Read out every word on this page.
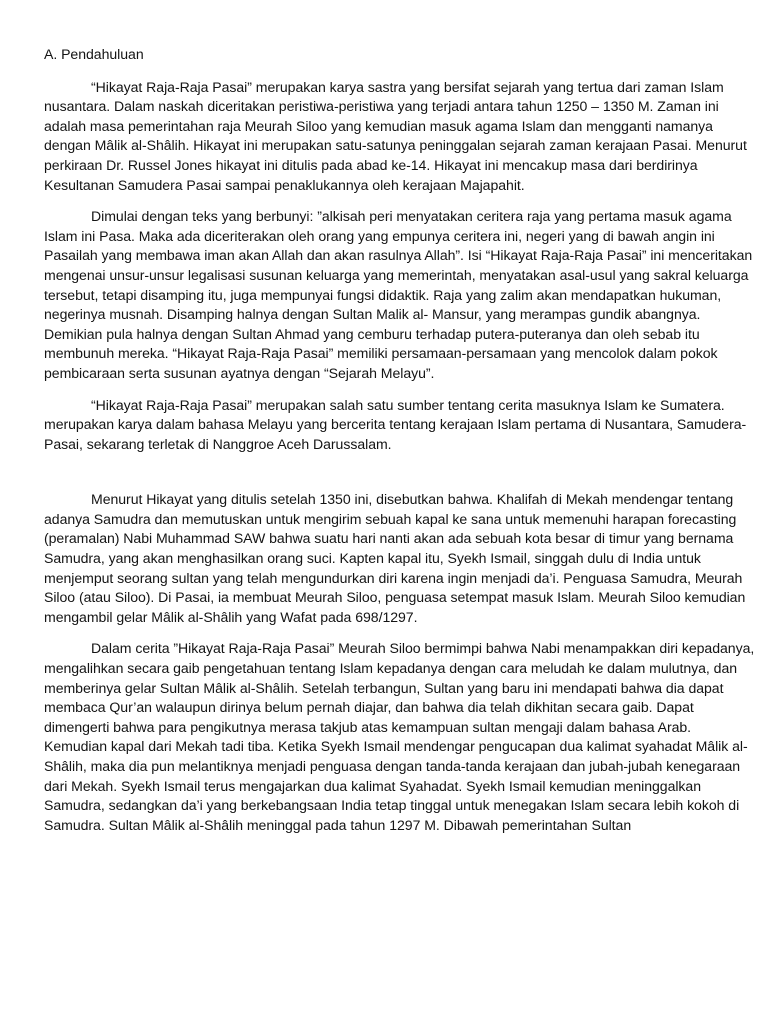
A. Pendahuluan

“Hikayat Raja-Raja Pasai” merupakan karya sastra yang bersifat sejarah yang tertua dari zaman Islam nusantara. Dalam naskah diceritakan peristiwa-peristiwa yang terjadi antara tahun 1250 – 1350 M. Zaman ini adalah masa pemerintahan raja Meurah Siloo yang kemudian masuk agama Islam dan mengganti namanya dengan Mâlik al-Shâlih. Hikayat ini merupakan satu-satunya peninggalan sejarah zaman kerajaan Pasai. Menurut perkiraan Dr. Russel Jones hikayat ini ditulis pada abad ke-14. Hikayat ini mencakup masa dari berdirinya Kesultanan Samudera Pasai sampai penaklukannya oleh kerajaan Majapahit.

Dimulai dengan teks yang berbunyi: ”alkisah peri menyatakan ceritera raja yang pertama masuk agama Islam ini Pasa. Maka ada diceriterakan oleh orang yang empunya ceritera ini, negeri yang di bawah angin ini Pasailah yang membawa iman akan Allah dan akan rasulnya Allah”. Isi “Hikayat Raja-Raja Pasai” ini menceritakan mengenai unsur-unsur legalisasi susunan keluarga yang memerintah, menyatakan asal-usul yang sakral keluarga tersebut, tetapi disamping itu, juga mempunyai fungsi didaktik. Raja yang zalim akan mendapatkan hukuman, negerinya musnah. Disamping halnya dengan Sultan Malik al- Mansur, yang merampas gundik abangnya. Demikian pula halnya dengan Sultan Ahmad yang cemburu terhadap putera-puteranya dan oleh sebab itu membunuh mereka. “Hikayat Raja-Raja Pasai” memiliki persamaan-persamaan yang mencolok dalam pokok pembicaraan serta susunan ayatnya dengan “Sejarah Melayu”.

“Hikayat Raja-Raja Pasai” merupakan salah satu sumber tentang cerita masuknya Islam ke Sumatera. merupakan karya dalam bahasa Melayu yang bercerita tentang kerajaan Islam pertama di Nusantara, Samudera-Pasai, sekarang terletak di Nanggroe Aceh Darussalam.

Menurut Hikayat yang ditulis setelah 1350 ini, disebutkan bahwa. Khalifah di Mekah mendengar tentang adanya Samudra dan memutuskan untuk mengirim sebuah kapal ke sana untuk memenuhi harapan forecasting (peramalan) Nabi Muhammad SAW bahwa suatu hari nanti akan ada sebuah kota besar di timur yang bernama Samudra, yang akan menghasilkan orang suci. Kapten kapal itu, Syekh Ismail, singgah dulu di India untuk menjemput seorang sultan yang telah mengundurkan diri karena ingin menjadi da’i. Penguasa Samudra, Meurah Siloo (atau Siloo). Di Pasai, ia membuat Meurah Siloo, penguasa setempat masuk Islam. Meurah Siloo kemudian mengambil gelar Mâlik al-Shâlih yang Wafat pada 698/1297.

Dalam cerita ”Hikayat Raja-Raja Pasai” Meurah Siloo bermimpi bahwa Nabi menampakkan diri kepadanya, mengalihkan secara gaib pengetahuan tentang Islam kepadanya dengan cara meludah ke dalam mulutnya, dan memberinya gelar Sultan Mâlik al-Shâlih. Setelah terbangun, Sultan yang baru ini mendapati bahwa dia dapat membaca Qur’an walaupun dirinya belum pernah diajar, dan bahwa dia telah dikhitan secara gaib. Dapat dimengerti bahwa para pengikutnya merasa takjub atas kemampuan sultan mengaji dalam bahasa Arab. Kemudian kapal dari Mekah tadi tiba. Ketika Syekh Ismail mendengar pengucapan dua kalimat syahadat Mâlik al-Shâlih, maka dia pun melantiknya menjadi penguasa dengan tanda-tanda kerajaan dan jubah-jubah kenegaraan dari Mekah. Syekh Ismail terus mengajarkan dua kalimat Syahadat. Syekh Ismail kemudian meninggalkan Samudra, sedangkan da’i yang berkebangsaan India tetap tinggal untuk menegakan Islam secara lebih kokoh di Samudra. Sultan Mâlik al-Shâlih meninggal pada tahun 1297 M. Dibawah pemerintahan Sultan
